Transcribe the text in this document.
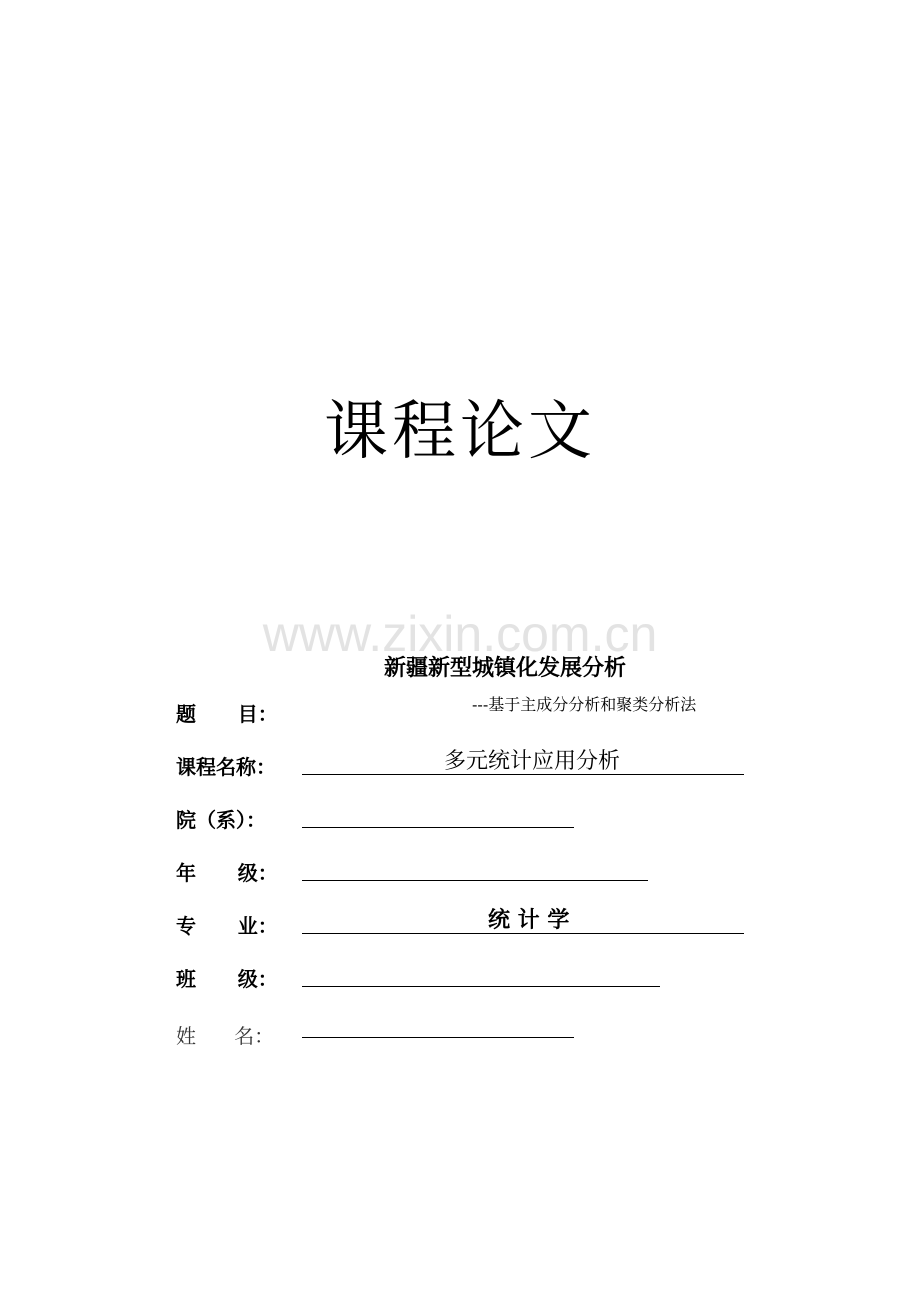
课程论文
www.zixin.com.cn
新疆新型城镇化发展分析
题      目：	---基于主成分分析和聚类分析法
课程名称：	多元统计应用分析
院（系）：
年      级：
专      业：	统 计 学
班      级：
姓      名：
